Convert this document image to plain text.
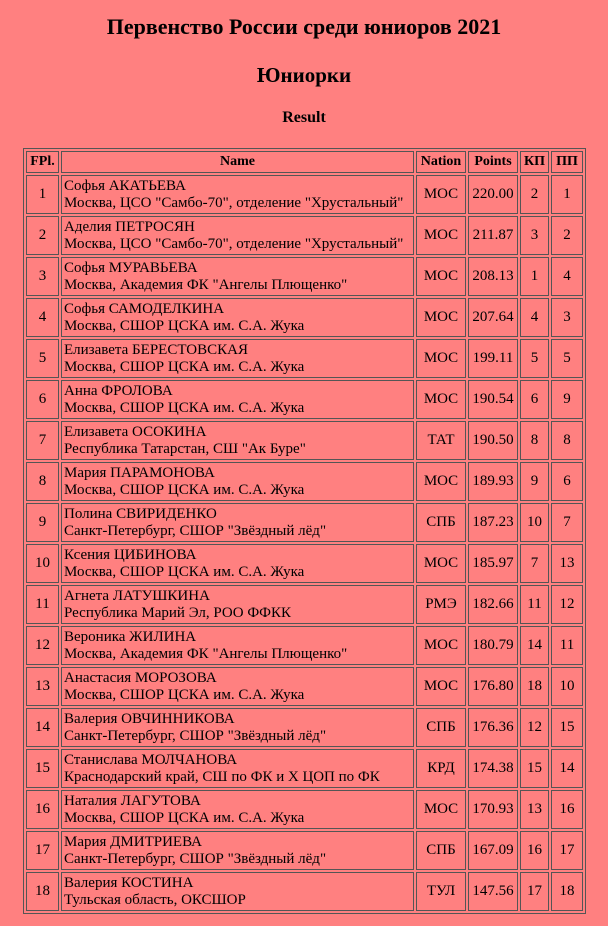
Первенство России среди юниоров 2021
Юниорки
Result
FPl.	Name	Nation	Points	КП	ПП
1	Софья АКАТЬЕВА
Москва, ЦСО "Самбо-70", отделение "Хрустальный"	МОС	220.00	2	1
2	Аделия ПЕТРОСЯН
Москва, ЦСО "Самбо-70", отделение "Хрустальный"	МОС	211.87	3	2
3	Софья МУРАВЬЕВА
Москва, Академия ФК "Ангелы Плющенко"	МОС	208.13	1	4
4	Софья САМОДЕЛКИНА
Москва, СШОР ЦСКА им. С.А. Жука	МОС	207.64	4	3
5	Елизавета БЕРЕСТОВСКАЯ
Москва, СШОР ЦСКА им. С.А. Жука	МОС	199.11	5	5
6	Анна ФРОЛОВА
Москва, СШОР ЦСКА им. С.А. Жука	МОС	190.54	6	9
7	Елизавета ОСОКИНА
Республика Татарстан, СШ "Ак Буре"	ТАТ	190.50	8	8
8	Мария ПАРАМОНОВА
Москва, СШОР ЦСКА им. С.А. Жука	МОС	189.93	9	6
9	Полина СВИРИДЕНКО
Санкт-Петербург, СШОР "Звёздный лёд"	СПБ	187.23	10	7
10	Ксения ЦИБИНОВА
Москва, СШОР ЦСКА им. С.А. Жука	МОС	185.97	7	13
11	Агнета ЛАТУШКИНА
Республика Марий Эл, РОО ФФКК	РМЭ	182.66	11	12
12	Вероника ЖИЛИНА
Москва, Академия ФК "Ангелы Плющенко"	МОС	180.79	14	11
13	Анастасия МОРОЗОВА
Москва, СШОР ЦСКА им. С.А. Жука	МОС	176.80	18	10
14	Валерия ОВЧИННИКОВА
Санкт-Петербург, СШОР "Звёздный лёд"	СПБ	176.36	12	15
15	Станислава МОЛЧАНОВА
Краснодарский край, СШ по ФК и Х ЦОП по ФК	КРД	174.38	15	14
16	Наталия ЛАГУТОВА
Москва, СШОР ЦСКА им. С.А. Жука	МОС	170.93	13	16
17	Мария ДМИТРИЕВА
Санкт-Петербург, СШОР "Звёздный лёд"	СПБ	167.09	16	17
18	Валерия КОСТИНА
Тульская область, ОКСШОР	ТУЛ	147.56	17	18
